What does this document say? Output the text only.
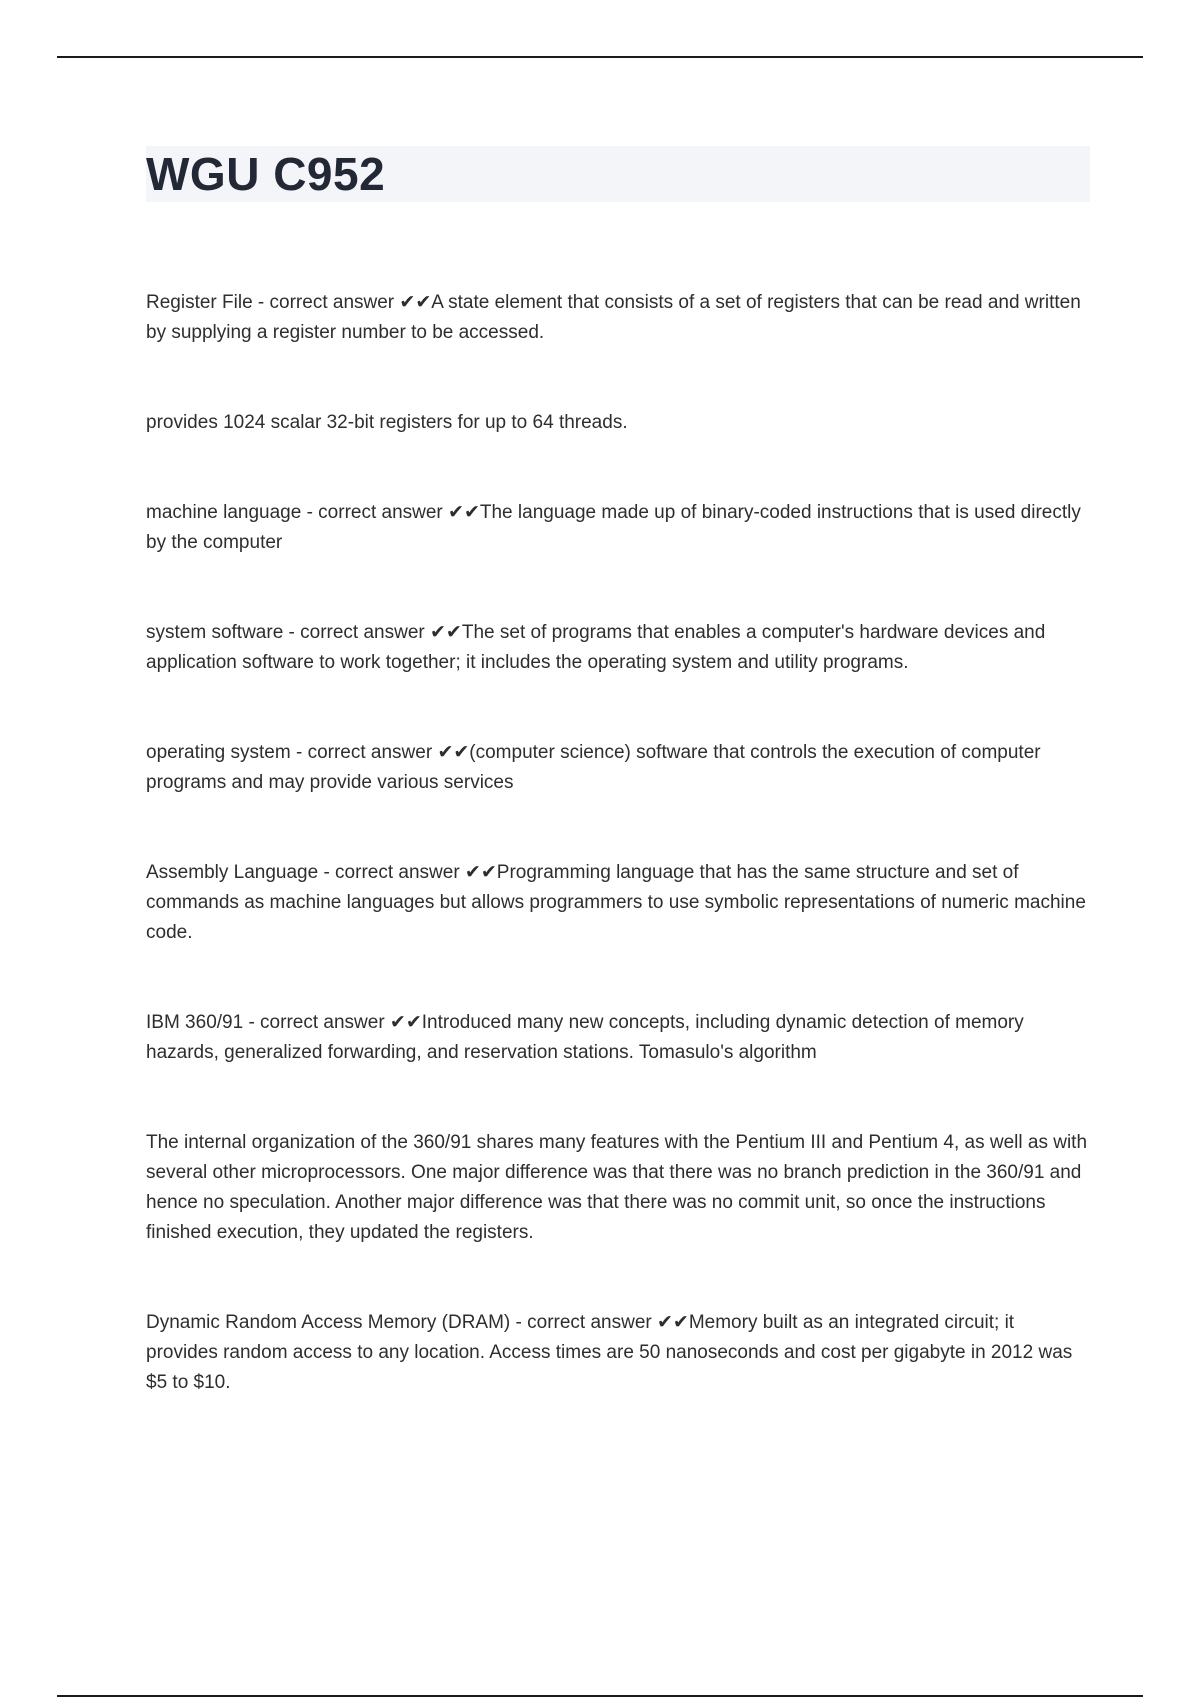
WGU C952

Register File - correct answer ✔✔A state element that consists of a set of registers that can be read and written by supplying a register number to be accessed.

provides 1024 scalar 32-bit registers for up to 64 threads.

machine language - correct answer ✔✔The language made up of binary-coded instructions that is used directly by the computer

system software - correct answer ✔✔The set of programs that enables a computer's hardware devices and application software to work together; it includes the operating system and utility programs.

operating system - correct answer ✔✔(computer science) software that controls the execution of computer programs and may provide various services

Assembly Language - correct answer ✔✔Programming language that has the same structure and set of commands as machine languages but allows programmers to use symbolic representations of numeric machine code.

IBM 360/91 - correct answer ✔✔Introduced many new concepts, including dynamic detection of memory hazards, generalized forwarding, and reservation stations. Tomasulo's algorithm

The internal organization of the 360/91 shares many features with the Pentium III and Pentium 4, as well as with several other microprocessors. One major difference was that there was no branch prediction in the 360/91 and hence no speculation. Another major difference was that there was no commit unit, so once the instructions finished execution, they updated the registers.

Dynamic Random Access Memory (DRAM) - correct answer ✔✔Memory built as an integrated circuit; it provides random access to any location. Access times are 50 nanoseconds and cost per gigabyte in 2012 was $5 to $10.
